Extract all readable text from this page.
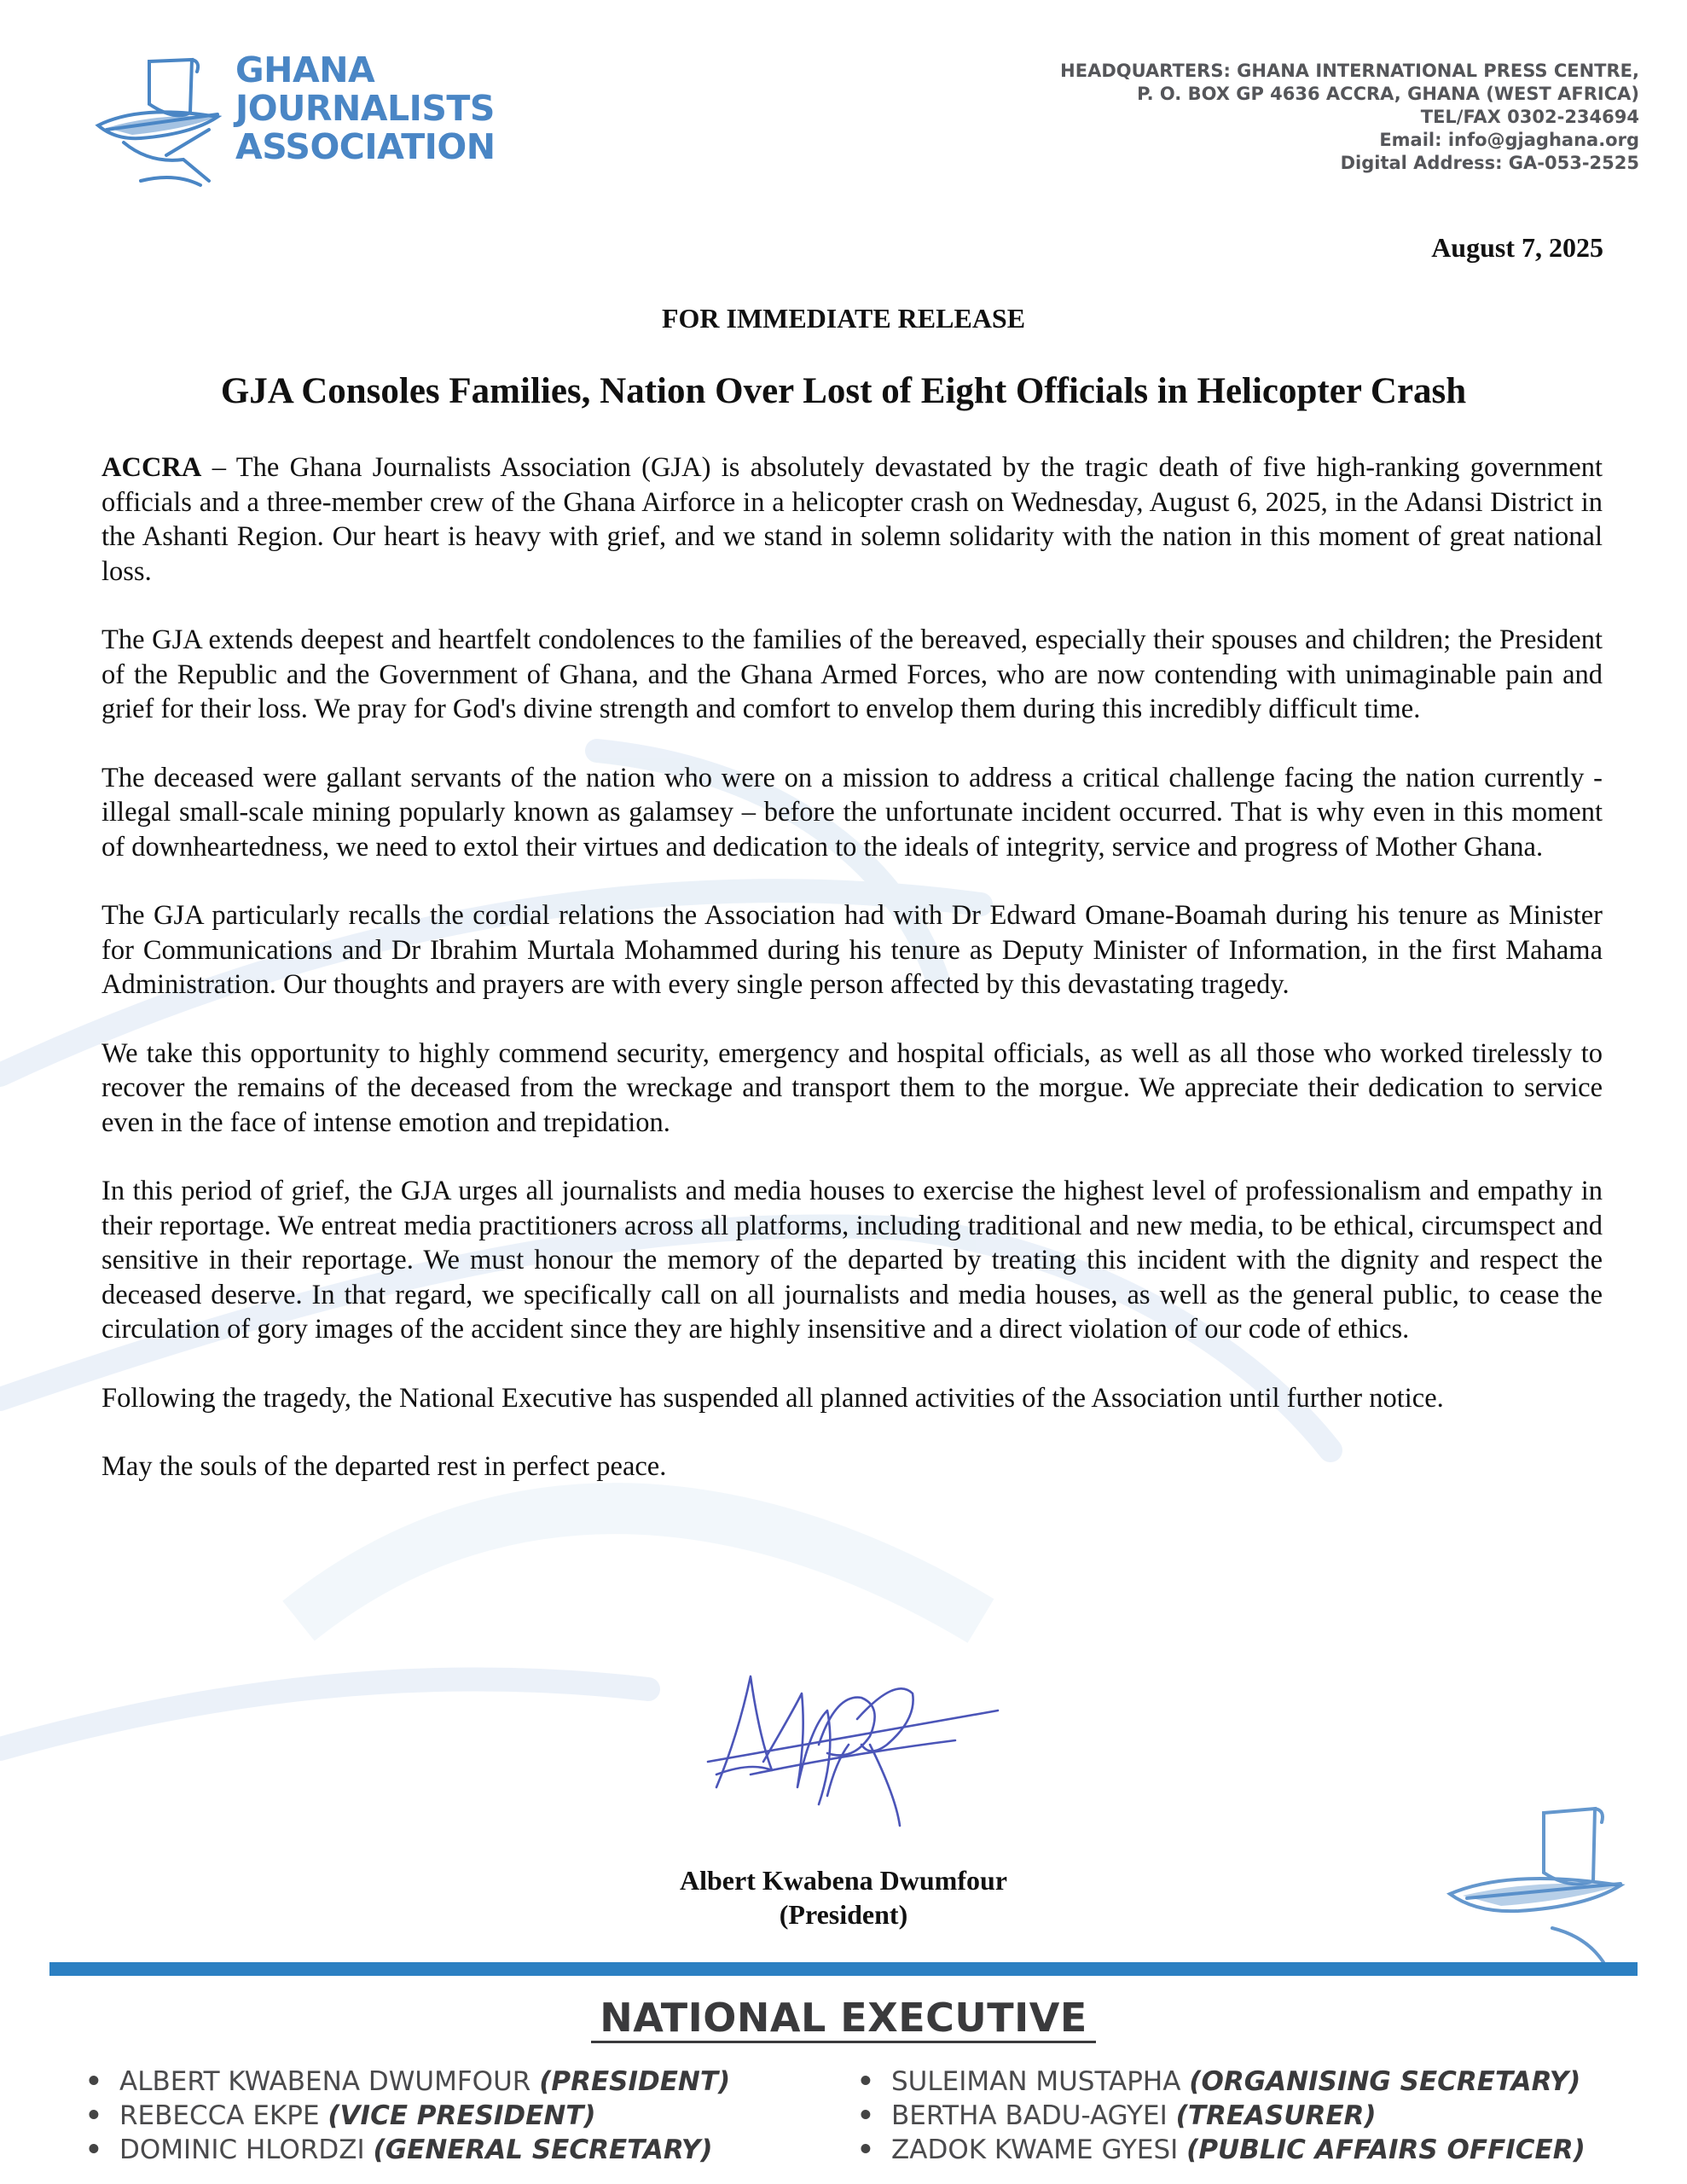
GHANA
JOURNALISTS
ASSOCIATION
HEADQUARTERS: GHANA INTERNATIONAL PRESS CENTRE,
P. O. BOX GP 4636 ACCRA, GHANA (WEST AFRICA)
TEL/FAX 0302-234694
Email: info@gjaghana.org
Digital Address: GA-053-2525
August 7, 2025
FOR IMMEDIATE RELEASE
GJA Consoles Families, Nation Over Lost of Eight Officials in Helicopter Crash

ACCRA – The Ghana Journalists Association (GJA) is absolutely devastated by the tragic death of five high-ranking government officials and a three-member crew of the Ghana Airforce in a helicopter crash on Wednesday, August 6, 2025, in the Adansi District in the Ashanti Region. Our heart is heavy with grief, and we stand in solemn solidarity with the nation in this moment of great national loss.

The GJA extends deepest and heartfelt condolences to the families of the bereaved, especially their spouses and children; the President of the Republic and the Government of Ghana, and the Ghana Armed Forces, who are now contending with unimaginable pain and grief for their loss. We pray for God's divine strength and comfort to envelop them during this incredibly difficult time.

The deceased were gallant servants of the nation who were on a mission to address a critical challenge facing the nation currently - illegal small-scale mining popularly known as galamsey – before the unfortunate incident occurred. That is why even in this moment of downheartedness, we need to extol their virtues and dedication to the ideals of integrity, service and progress of Mother Ghana.

The GJA particularly recalls the cordial relations the Association had with Dr Edward Omane-Boamah during his tenure as Minister for Communications and Dr Ibrahim Murtala Mohammed during his tenure as Deputy Minister of Information, in the first Mahama Administration. Our thoughts and prayers are with every single person affected by this devastating tragedy.

We take this opportunity to highly commend security, emergency and hospital officials, as well as all those who worked tirelessly to recover the remains of the deceased from the wreckage and transport them to the morgue. We appreciate their dedication to service even in the face of intense emotion and trepidation.

In this period of grief, the GJA urges all journalists and media houses to exercise the highest level of professionalism and empathy in their reportage. We entreat media practitioners across all platforms, including traditional and new media, to be ethical, circumspect and sensitive in their reportage. We must honour the memory of the departed by treating this incident with the dignity and respect the deceased deserve. In that regard, we specifically call on all journalists and media houses, as well as the general public, to cease the circulation of gory images of the accident since they are highly insensitive and a direct violation of our code of ethics.

Following the tragedy, the National Executive has suspended all planned activities of the Association until further notice.

May the souls of the departed rest in perfect peace.

Albert Kwabena Dwumfour
(President)
NATIONAL EXECUTIVE
• ALBERT KWABENA DWUMFOUR (PRESIDENT)
• REBECCA EKPE (VICE PRESIDENT)
• DOMINIC HLORDZI (GENERAL SECRETARY)
• SULEIMAN MUSTAPHA (ORGANISING SECRETARY)
• BERTHA BADU-AGYEI (TREASURER)
• ZADOK KWAME GYESI (PUBLIC AFFAIRS OFFICER)
